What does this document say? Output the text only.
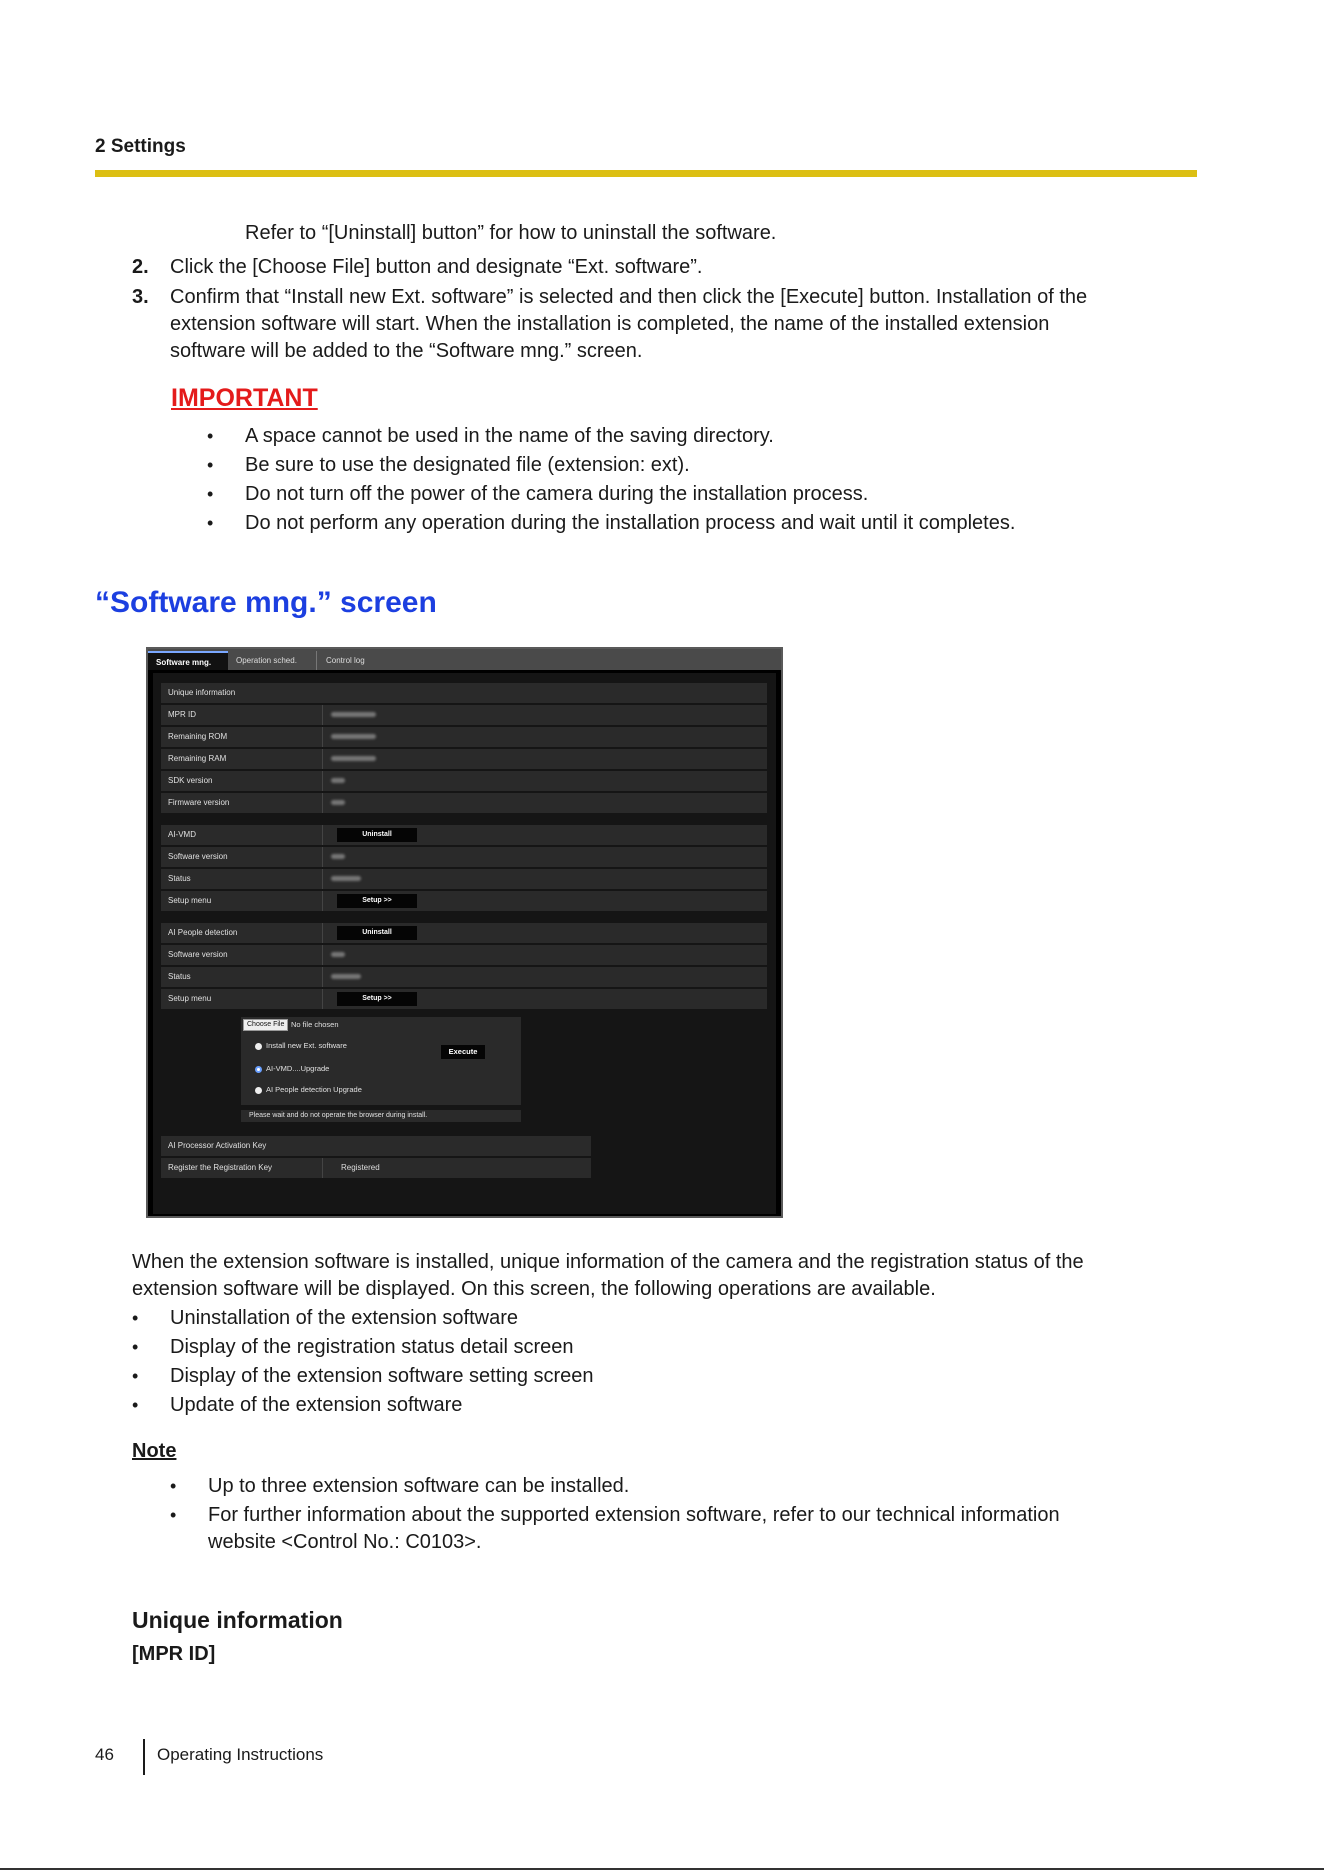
2 Settings
Refer to “[Uninstall] button” for how to uninstall the software.
2. Click the [Choose File] button and designate “Ext. software”.
3. Confirm that “Install new Ext. software” is selected and then click the [Execute] button. Installation of the
extension software will start. When the installation is completed, the name of the installed extension
software will be added to the “Software mng.” screen.
IMPORTANT
• A space cannot be used in the name of the saving directory.
• Be sure to use the designated file (extension: ext).
• Do not turn off the power of the camera during the installation process.
• Do not perform any operation during the installation process and wait until it completes.
“Software mng.” screen
Software mng.	Operation sched.	Control log
Unique information
MPR ID
Remaining ROM
Remaining RAM
SDK version
Firmware version
AI-VMD	Uninstall
Software version
Status
Setup menu	Setup >>
AI People detection	Uninstall
Software version
Status
Setup menu	Setup >>
Choose File No file chosen
Install new Ext. software
AI-VMD....Upgrade
AI People detection Upgrade
Execute
Please wait and do not operate the browser during install.
AI Processor Activation Key
Register the Registration Key	Registered
When the extension software is installed, unique information of the camera and the registration status of the
extension software will be displayed. On this screen, the following operations are available.
• Uninstallation of the extension software
• Display of the registration status detail screen
• Display of the extension software setting screen
• Update of the extension software
Note
• Up to three extension software can be installed.
• For further information about the supported extension software, refer to our technical information
website <Control No.: C0103>.
Unique information
[MPR ID]
46	Operating Instructions
